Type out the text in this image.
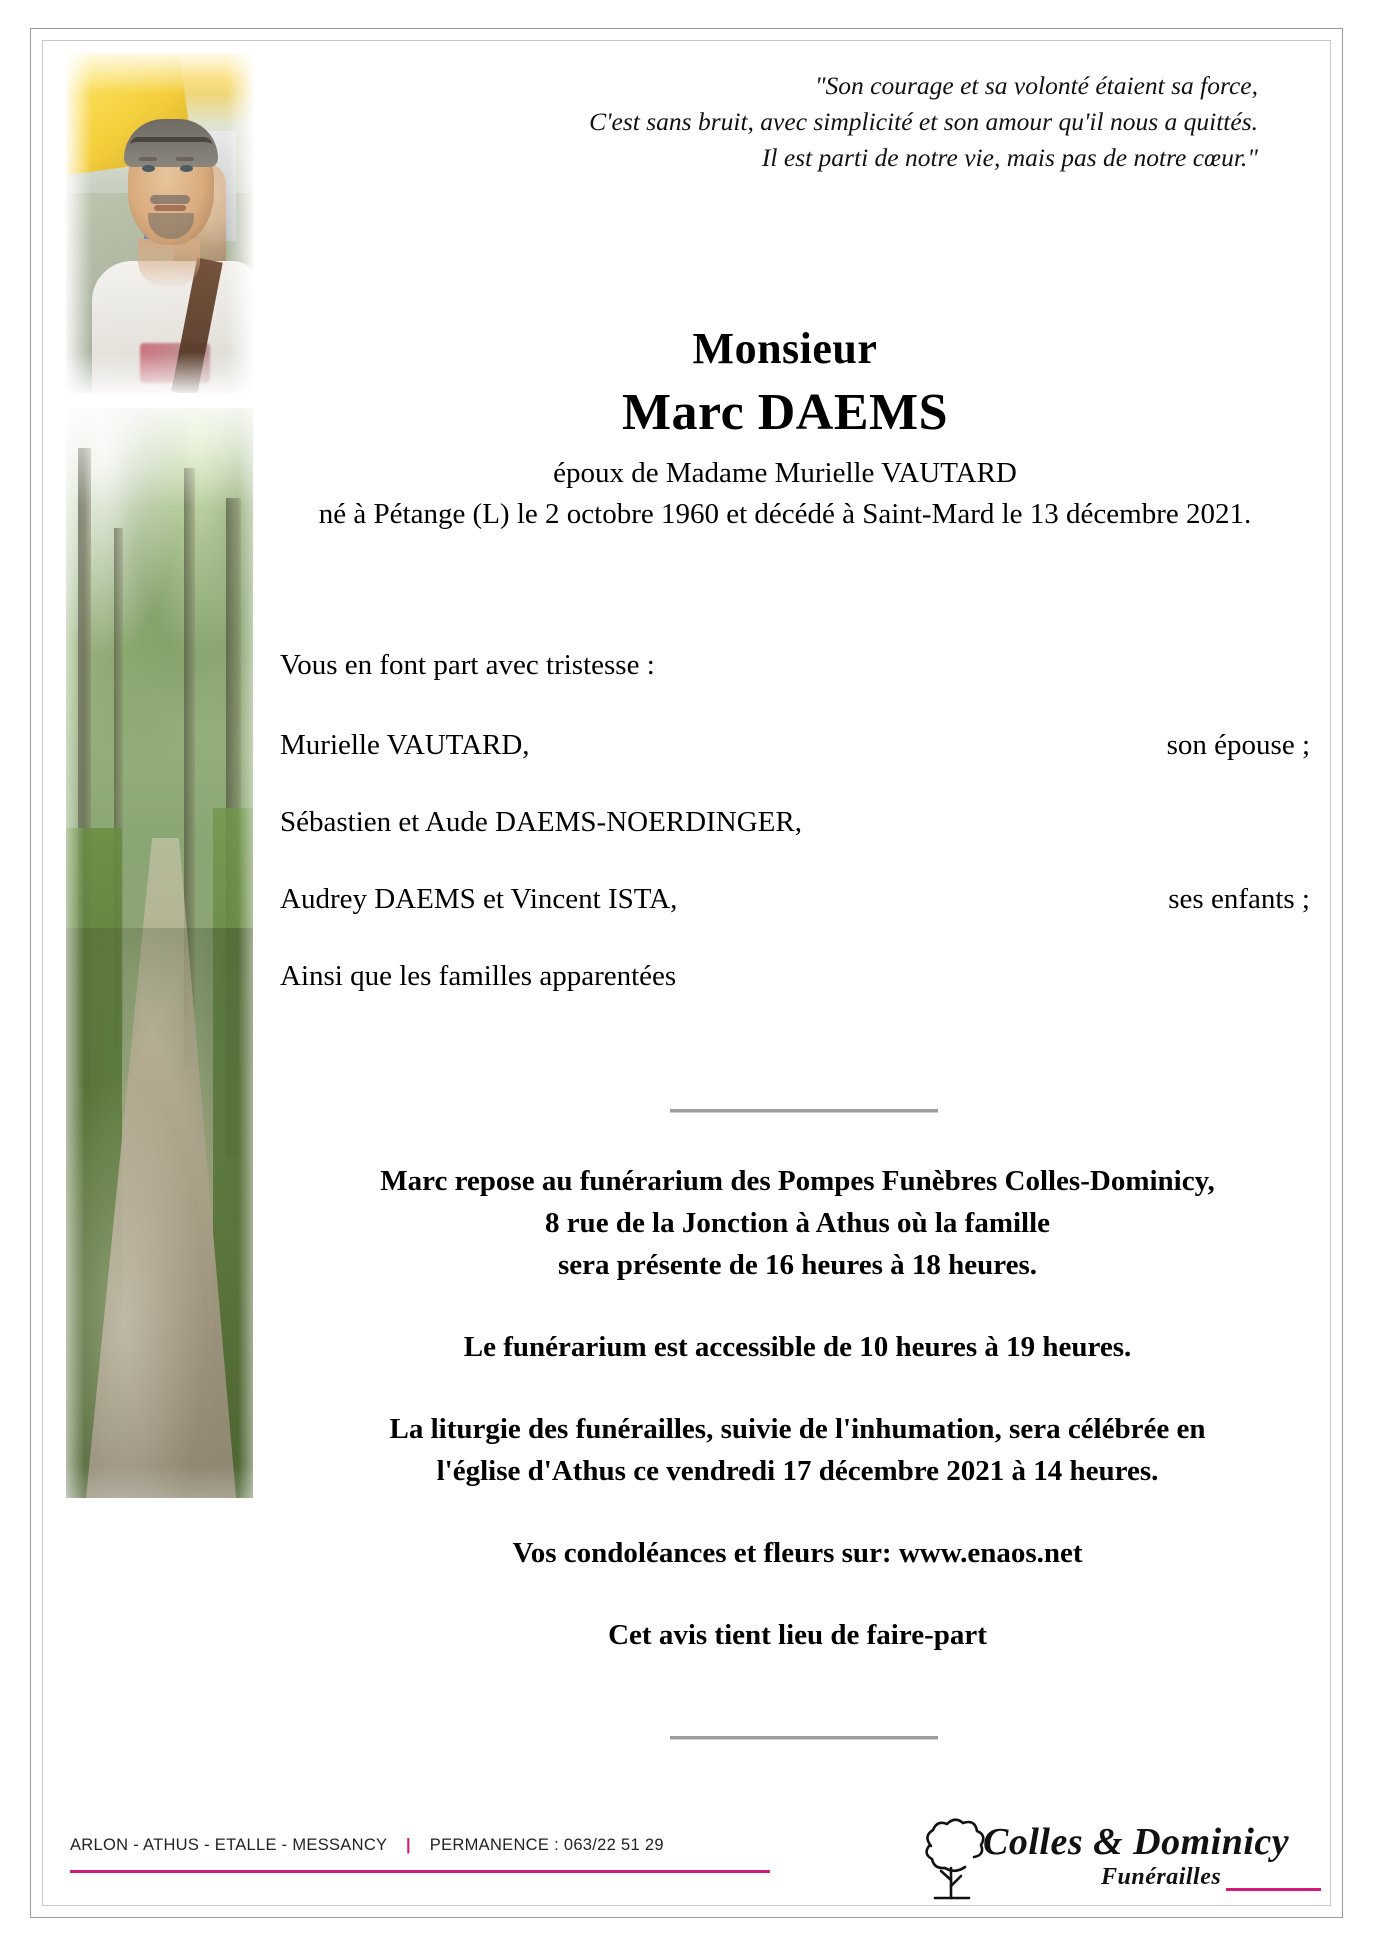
"Son courage et sa volonté étaient sa force,
C'est sans bruit, avec simplicité et son amour qu'il nous a quittés.
Il est parti de notre vie, mais pas de notre cœur."
Monsieur
Marc DAEMS
époux de Madame Murielle VAUTARD
né à Pétange (L) le 2 octobre 1960 et décédé à Saint-Mard le 13 décembre 2021.
Vous en font part avec tristesse :
Murielle VAUTARD,	son épouse ;
Sébastien et Aude DAEMS-NOERDINGER,
Audrey DAEMS et Vincent ISTA,	ses enfants ;
Ainsi que les familles apparentées

Marc repose au funérarium des Pompes Funèbres Colles-Dominicy,

8 rue de la Jonction à Athus où la famille

sera présente de 16 heures à 18 heures.

Le funérarium est accessible de 10 heures à 19 heures.

La liturgie des funérailles, suivie de l'inhumation, sera célébrée en

l'église d'Athus ce vendredi 17 décembre 2021 à 14 heures.

Vos condoléances et fleurs sur: www.enaos.net

Cet avis tient lieu de faire-part

ARLON - ATHUS - ETALLE - MESSANCY | PERMANENCE : 063/22 51 29	Colles & Dominicy
Funérailles
